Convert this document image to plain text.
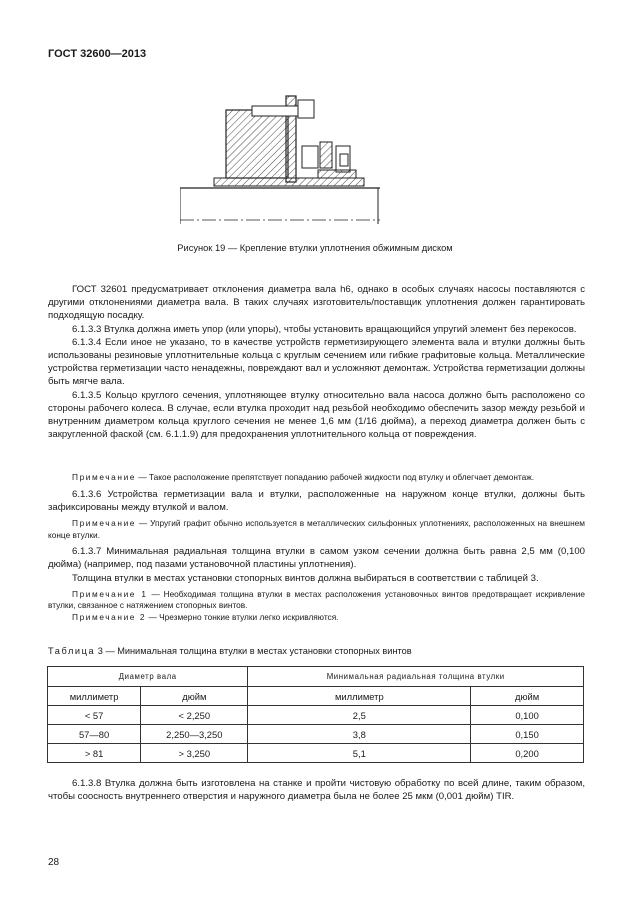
ГОСТ 32600—2013
Рисунок 19 — Крепление втулки уплотнения обжимным диском

ГОСТ 32601 предусматривает отклонения диаметра вала h6, однако в особых случаях насосы поставляются с другими отклонениями диаметра вала. В таких случаях изготовитель/поставщик уплотнения должен гарантировать подходящую посадку.

6.1.3.3 Втулка должна иметь упор (или упоры), чтобы установить вращающийся упругий элемент без перекосов.

6.1.3.4 Если иное не указано, то в качестве устройств герметизирующего элемента вала и втулки должны быть использованы резиновые уплотнительные кольца с круглым сечением или гибкие графитовые кольца. Металлические устройства герметизации часто ненадежны, повреждают вал и усложняют демонтаж. Устройства герметизации должны быть мягче вала.

6.1.3.5 Кольцо круглого сечения, уплотняющее втулку относительно вала насоса должно быть расположено со стороны рабочего колеса. В случае, если втулка проходит над резьбой необходимо обеспечить зазор между резьбой и внутренним диаметром кольца круглого сечения не менее 1,6 мм (1/16 дюйма), а переход диаметра должен быть с закругленной фаской (см. 6.1.1.9) для предохранения уплотнительного кольца от повреждения.

Примечание — Такое расположение препятствует попаданию рабочей жидкости под втулку и облегчает демонтаж.

6.1.3.6 Устройства герметизации вала и втулки, расположенные на наружном конце втулки, должны быть зафиксированы между втулкой и валом.

Примечание — Упругий графит обычно используется в металлических сильфонных уплотнениях, расположенных на внешнем конце втулки.

6.1.3.7 Минимальная радиальная толщина втулки в самом узком сечении должна быть равна 2,5 мм (0,100 дюйма) (например, под пазами установочной пластины уплотнения).

Толщина втулки в местах установки стопорных винтов должна выбираться в соответствии с таблицей 3.

Примечание 1 — Необходимая толщина втулки в местах расположения установочных винтов предотвращает искривление втулки, связанное с натяжением стопорных винтов.

Примечание 2 — Чрезмерно тонкие втулки легко искривляются.

Таблица 3 — Минимальная толщина втулки в местах установки стопорных винтов
Диаметр вала		Минимальная радиальная толщина втулки	
миллиметр	дюйм	миллиметр	дюйм
< 57	< 2,250	2,5	0,100
57—80	2,250—3,250	3,8	0,150
> 81	> 3,250	5,1	0,200

6.1.3.8 Втулка должна быть изготовлена на станке и пройти чистовую обработку по всей длине, таким образом, чтобы соосность внутреннего отверстия и наружного диаметра была не более 25 мкм (0,001 дюйм) TIR.

28
